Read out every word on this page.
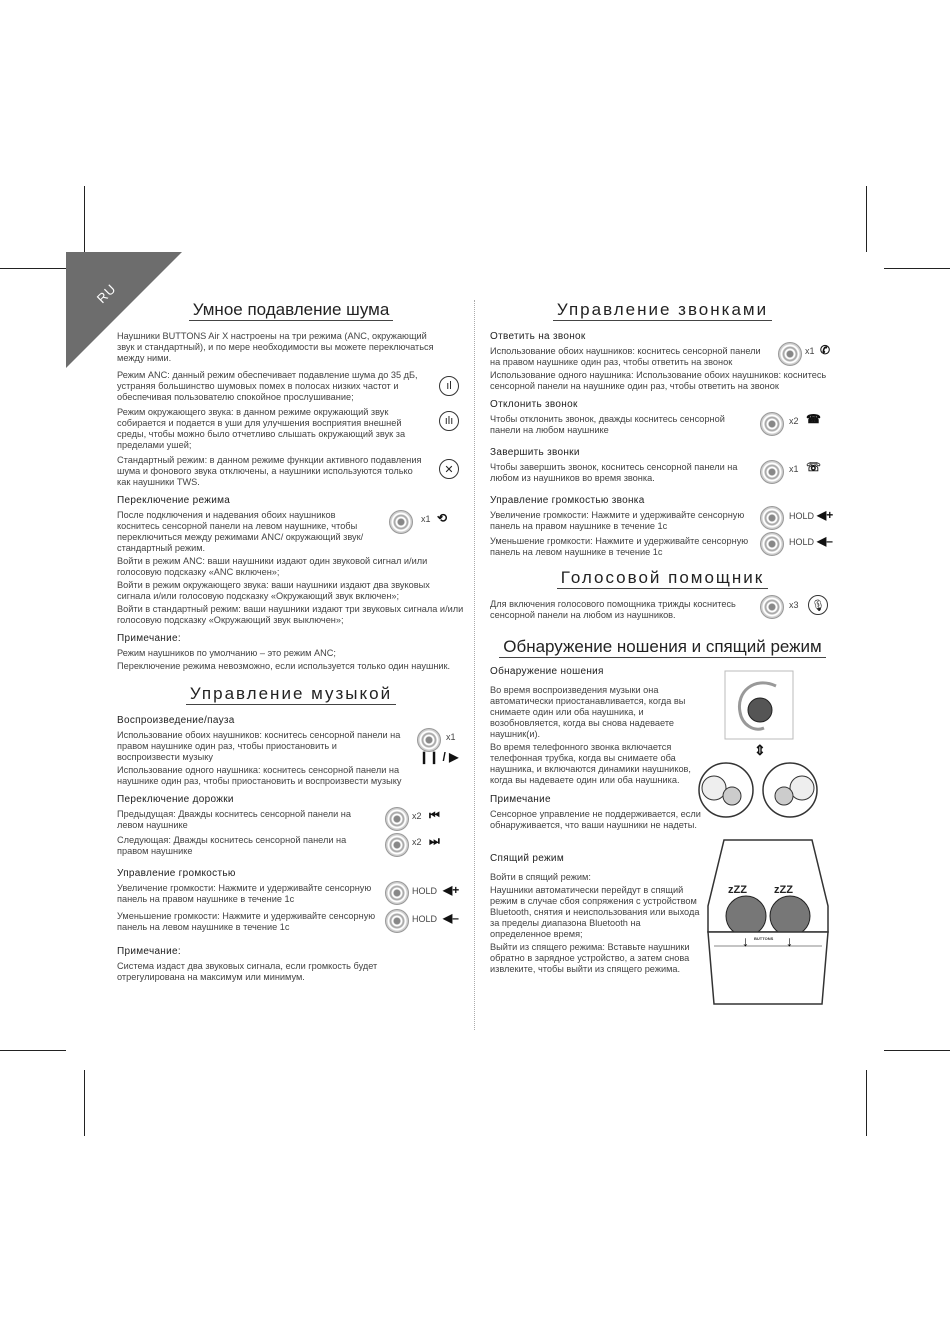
RU
Умное подавление шума

Наушники BUTTONS Air X настроены на три режима (ANC, окружающий звук и стандартный), и по мере необходимости вы можете переключаться между ними.

Режим ANC: данный режим обеспечивает подавление шума до 35 дБ, устраняя большинство шумовых помех в полосах низких частот и обеспечивая пользователю спокойное прослушивание;

ıl

Режим окружающего звука: в данном режиме окружающий звук собирается и подается в уши для улучшения восприятия внешней среды, чтобы можно было отчетливо слышать окружающий звук за пределами ушей;

ılı

Стандартный режим: в данном режиме функции активного подавления шума и фонового звука отключены, а наушники используются только как наушники TWS.

✕
Переключение режима

После подключения и надевания обоих наушников коснитесь сенсорной панели на левом наушнике, чтобы переключиться между режимами ANC/ окружающий звук/ стандартный режим.

x1 ⟲

Войти в режим ANC: ваши наушники издают один звуковой сигнал и/или голосовую подсказку «ANC включен»;

Войти в режим окружающего звука: ваши наушники издают два звуковых сигнала и/или голосовую подсказку «Окружающий звук включен»;

Войти в стандартный режим: ваши наушники издают три звуковых сигнала и/или голосовую подсказку «Окружающий звук выключен»;

Примечание:

Режим наушников по умолчанию – это режим ANC;

Переключение режима невозможно, если используется только один наушник.

Управление музыкой
Воспроизведение/пауза

Использование обоих наушников: коснитесь сенсорной панели на правом наушнике один раз, чтобы приостановить и воспроизвести музыку

x1
❙❙ / ▶

Использование одного наушника: коснитесь сенсорной панели на наушнике один раз, чтобы приостановить и воспроизвести музыку

Переключение дорожки

Предыдущая: Дважды коснитесь сенсорной панели на левом наушнике

x2 ⏮

Следующая: Дважды коснитесь сенсорной панели на правом наушнике

x2 ⏭
Управление громкостью

Увеличение громкости: Нажмите и удерживайте сенсорную панель на правом наушнике в течение 1с

HOLD ◀+

Уменьшение громкости: Нажмите и удерживайте сенсорную панель на левом наушнике в течение 1с

HOLD ◀–
Примечание:

Система издаст два звуковых сигнала, если громкость будет отрегулирована на максимум или минимум.

Управление звонками
Ответить на звонок

Использование обоих наушников: коснитесь сенсорной панели на правом наушнике один раз, чтобы ответить на звонок

x1 ✆

Использование одного наушника: Использование обоих наушников: коснитесь сенсорной панели на наушнике один раз, чтобы ответить на звонок

Отклонить звонок

Чтобы отклонить звонок, дважды коснитесь сенсорной панели на любом наушнике

x2 ☎
Завершить звонки

Чтобы завершить звонок, коснитесь сенсорной панели на любом из наушников во время звонка.

x1 ☏
Управление громкостью звонка

Увеличение громкости: Нажмите и удерживайте сенсорную панель на правом наушнике в течение 1с

HOLD ◀+

Уменьшение громкости: Нажмите и удерживайте сенсорную панель на левом наушнике в течение 1с

HOLD ◀–
Голосовой помощник

Для включения голосового помощника трижды коснитесь сенсорной панели на любом из наушников.

x3 🎙
Обнаружение ношения и спящий режим
Обнаружение ношения

Во время воспроизведения музыки она автоматически приостанавливается, когда вы снимаете один или оба наушника, и возобновляется, когда вы снова надеваете наушник(и).

Во время телефонного звонка включается телефонная трубка, когда вы снимаете оба наушника, и включаются динамики наушников, когда вы надеваете один или оба наушника.

Примечание

Сенсорное управление не поддерживается, если обнаруживается, что ваши наушники не надеты.

Спящий режим

Войти в спящий режим:

Наушники автоматически перейдут в спящий режим в случае сбоя сопряжения с устройством Bluetooth, снятия и неиспользования или выхода за пределы диапазона Bluetooth на определенное время;

Выйти из спящего режима: Вставьте наушники обратно в зарядное устройство, а затем снова извлеките, чтобы выйти из спящего режима.

⇕
↓	↓
zZZ zZZ
BUTTONS
